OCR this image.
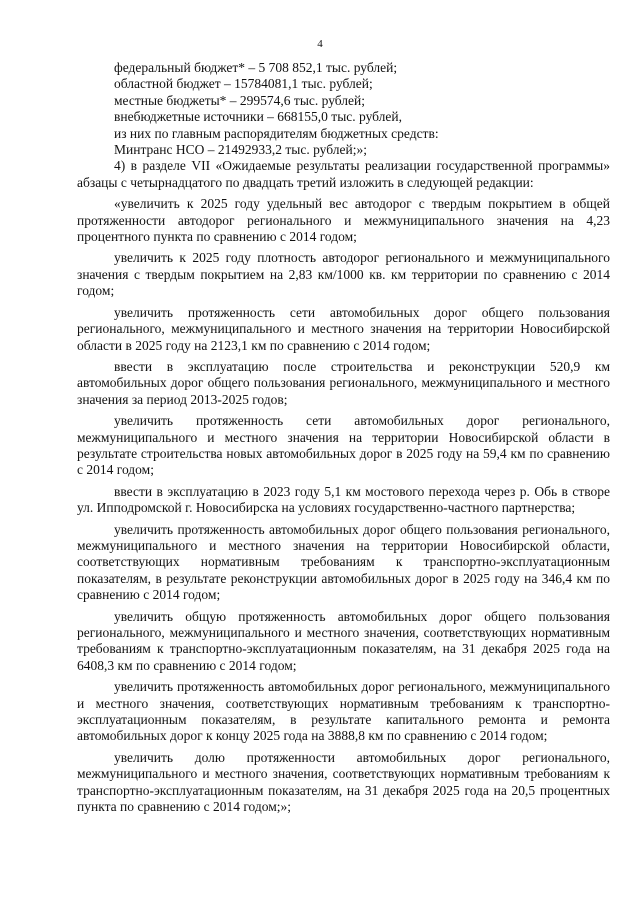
4

федеральный бюджет* – 5 708 852,1 тыс. рублей;

областной бюджет – 15784081,1 тыс. рублей;

местные бюджеты* – 299574,6 тыс. рублей;

внебюджетные источники – 668155,0 тыс. рублей,

из них по главным распорядителям бюджетных средств:

Минтранс НСО – 21492933,2 тыс. рублей;»;

4) в разделе VII «Ожидаемые результаты реализации государственной программы» абзацы с четырнадцатого по двадцать третий изложить в следующей редакции:

«увеличить к 2025 году удельный вес автодорог с твердым покрытием в общей протяженности автодорог регионального и межмуниципального значения на 4,23 процентного пункта по сравнению с 2014 годом;

увеличить к 2025 году плотность автодорог регионального и межмуниципального значения с твердым покрытием на 2,83 км/1000 кв. км территории по сравнению с 2014 годом;

увеличить протяженность сети автомобильных дорог общего пользования регионального, межмуниципального и местного значения на территории Новосибирской области в 2025 году на 2123,1 км по сравнению с 2014 годом;

ввести в эксплуатацию после строительства и реконструкции 520,9 км автомобильных дорог общего пользования регионального, межмуниципального и местного значения за период 2013-2025 годов;

увеличить протяженность сети автомобильных дорог регионального, межмуниципального и местного значения на территории Новосибирской области в результате строительства новых автомобильных дорог в 2025 году на 59,4 км по сравнению с 2014 годом;

ввести в эксплуатацию в 2023 году 5,1 км мостового перехода через р. Обь в створе ул. Ипподромской г. Новосибирска на условиях государственно-частного партнерства;

увеличить протяженность автомобильных дорог общего пользования регионального, межмуниципального и местного значения на территории Новосибирской области, соответствующих нормативным требованиям к транспортно-эксплуатационным показателям, в результате реконструкции автомобильных дорог в 2025 году на 346,4 км по сравнению с 2014 годом;

увеличить общую протяженность автомобильных дорог общего пользования регионального, межмуниципального и местного значения, соответствующих нормативным требованиям к транспортно-эксплуатационным показателям, на 31 декабря 2025 года на 6408,3 км по сравнению с 2014 годом;

увеличить протяженность автомобильных дорог регионального, межмуниципального и местного значения, соответствующих нормативным требованиям к транспортно-эксплуатационным показателям, в результате капитального ремонта и ремонта автомобильных дорог к концу 2025 года на 3888,8 км по сравнению с 2014 годом;

увеличить долю протяженности автомобильных дорог регионального, межмуниципального и местного значения, соответствующих нормативным требованиям к транспортно-эксплуатационным показателям, на 31 декабря 2025 года на 20,5 процентных пункта по сравнению с 2014 годом;»;
